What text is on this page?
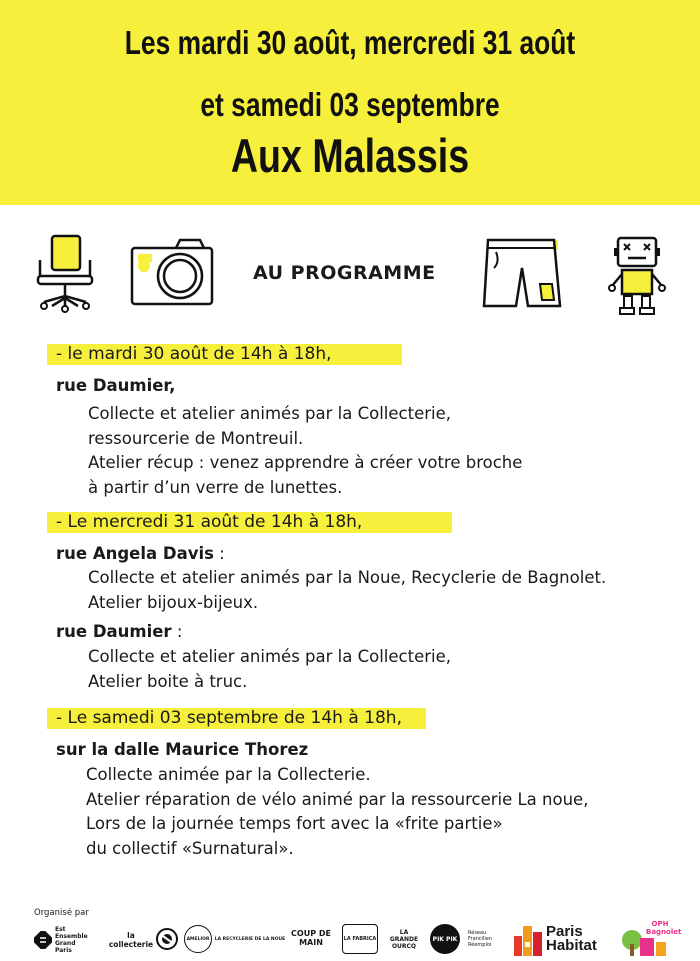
Les mardi 30 août, mercredi 31 août
et samedi 03 septembre
Aux Malassis
AU PROGRAMME
- le mardi 30 août de 14h à 18h,
rue Daumier,
Collecte et atelier animés par la Collecterie,
ressourcerie de Montreuil.
Atelier récup : venez apprendre à créer votre broche
à partir d’un verre de lunettes.
- Le mercredi 31 août de 14h à 18h,
rue Angela Davis :
Collecte et atelier animés par la Noue, Recyclerie de Bagnolet.
Atelier bijoux-bijeux.
rue Daumier :
Collecte et atelier animés par la Collecterie,
Atelier boite à truc.
- Le samedi 03 septembre de 14h à 18h,
sur la dalle Maurice Thorez
Collecte animée par la Collecterie.
Atelier réparation de vélo animé par la ressourcerie La noue,
Lors de la journée temps fort avec la «frite partie»
du collectif «Surnatural».
Organisé par
Est Ensemble Grand Paris
la collecterie
AMELIOR LA RECYCLERIE DE LA NOUE
COUP DE MAIN	LA FABRICA
LA GRANDE OURCQ
PIK PIK
Réseau Francilien Réemploi
Paris Habitat
OPH Bagnolet
